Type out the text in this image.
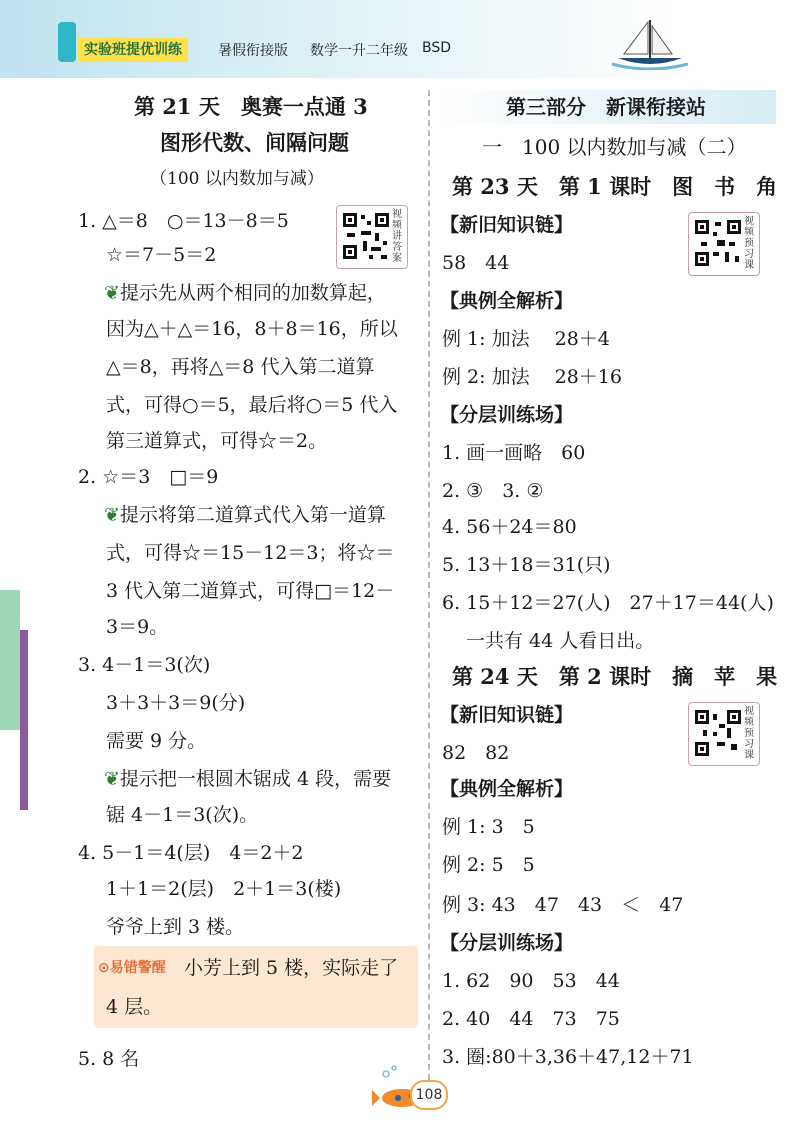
实验班提优训练	暑假衔接版 数学一升二年级 BSD
第 21 天　奥赛一点通 3
图形代数、间隔问题
（100 以内数加与减）
视频讲答案
1. △＝8　○＝13－8＝5
☆＝7－5＝2
❦提示先从两个相同的加数算起，
因为△＋△＝16，8＋8＝16，所以
△＝8，再将△＝8 代入第二道算
式，可得○＝5，最后将○＝5 代入
第三道算式，可得☆＝2。
2. ☆＝3　□＝9
❦提示将第二道算式代入第一道算
式，可得☆＝15－12＝3；将☆＝
3 代入第二道算式，可得□＝12－
3＝9。
3. 4－1＝3(次)
3＋3＋3＝9(分)
需要 9 分。
❦提示把一根圆木锯成 4 段，需要
锯 4－1＝3(次)。
4. 5－1＝4(层)　4＝2＋2
1＋1＝2(层)　2＋1＝3(楼)
爷爷上到 3 楼。
⊙易错警醒 小芳上到 5 楼，实际走了
4 层。
5. 8 名
第三部分　新课衔接站
一　100 以内数加与减（二）
第 23 天　第 1 课时　图　书　角
视频预习课
【新旧知识链】
58　44
【典例全解析】
例 1: 加法　 28＋4
例 2: 加法　 28＋16
【分层训练场】
1. 画一画略　60
2. ③　3. ②
4. 56＋24＝80
5. 13＋18＝31(只)
6. 15＋12＝27(人)　27＋17＝44(人)
一共有 44 人看日出。
第 24 天　第 2 课时　摘　苹　果
视频预习课
【新旧知识链】
82　82
【典例全解析】
例 1: 3　5
例 2: 5　5
例 3: 43　47　43　＜　47
【分层训练场】
1. 62　90　53　44
2. 40　44　73　75
3. 圈:80＋3,36＋47,12＋71
108
